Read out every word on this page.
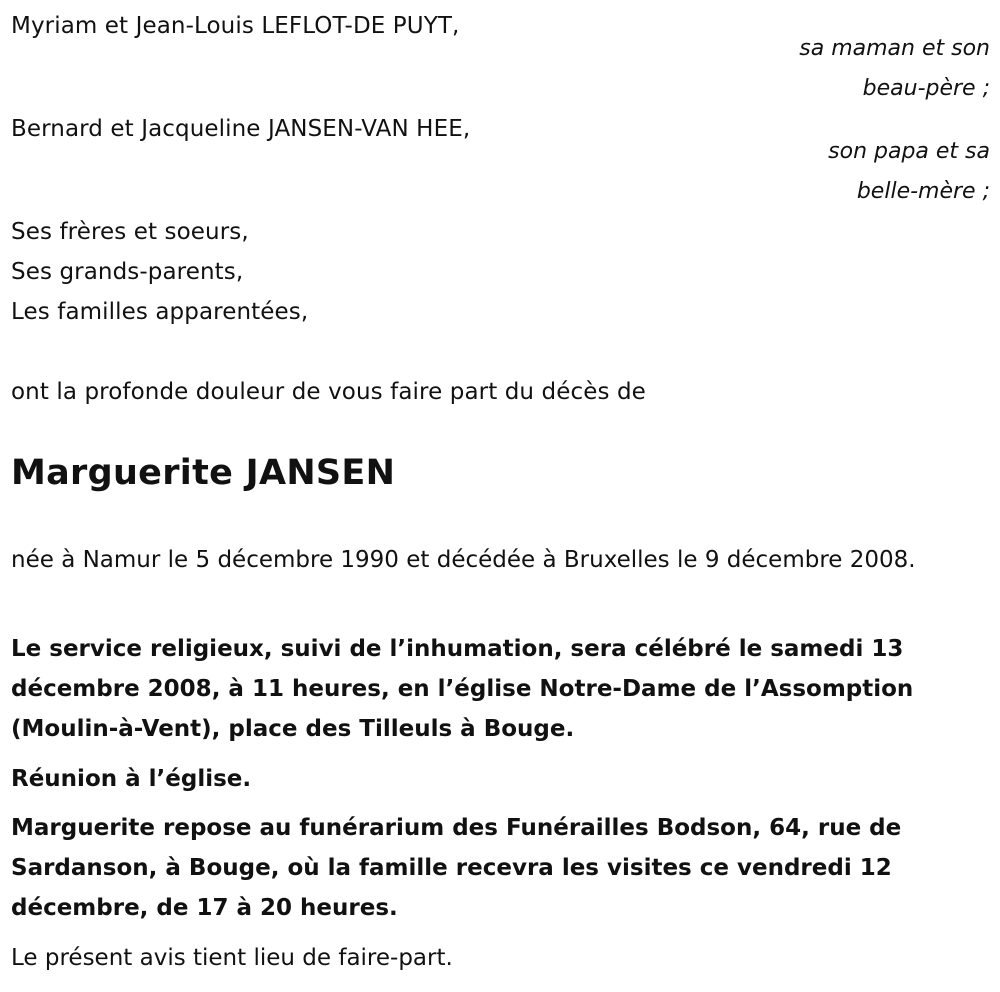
Myriam et Jean-Louis LEFLOT-DE PUYT,
sa maman et son
beau-père ;
Bernard et Jacqueline JANSEN-VAN HEE,
son papa et sa
belle-mère ;
Ses frères et soeurs,
Ses grands-parents,
Les familles apparentées,
ont la profonde douleur de vous faire part du décès de
Marguerite JANSEN
née à Namur le 5 décembre 1990 et décédée à Bruxelles le 9 décembre 2008.
Le service religieux, suivi de l’inhumation, sera célébré le samedi 13 décembre 2008, à 11 heures, en l’église Notre-Dame de l’Assomption (Moulin-à-Vent), place des Tilleuls à Bouge.
Réunion à l’église.
Marguerite repose au funérarium des Funérailles Bodson, 64, rue de Sardanson, à Bouge, où la famille recevra les visites ce vendredi 12 décembre, de 17 à 20 heures.
Le présent avis tient lieu de faire-part.
